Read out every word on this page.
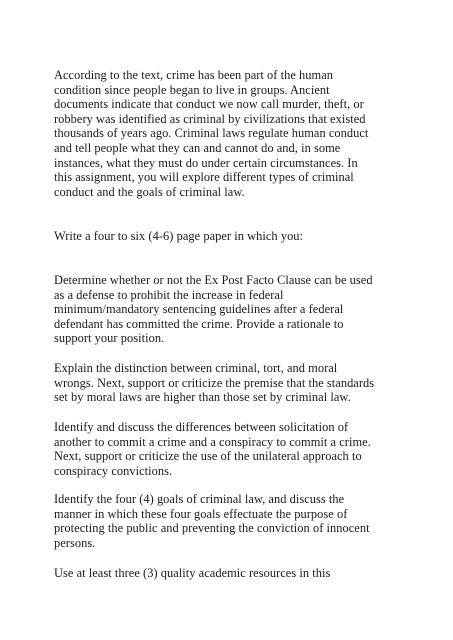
According to the text, crime has been part of the human
condition since people began to live in groups. Ancient
documents indicate that conduct we now call murder, theft, or
robbery was identified as criminal by civilizations that existed
thousands of years ago. Criminal laws regulate human conduct
and tell people what they can and cannot do and, in some
instances, what they must do under certain circumstances. In
this assignment, you will explore different types of criminal
conduct and the goals of criminal law.

Write a four to six (4-6) page paper in which you:

Determine whether or not the Ex Post Facto Clause can be used
as a defense to prohibit the increase in federal
minimum/mandatory sentencing guidelines after a federal
defendant has committed the crime. Provide a rationale to
support your position.

Explain the distinction between criminal, tort, and moral
wrongs. Next, support or criticize the premise that the standards
set by moral laws are higher than those set by criminal law.

Identify and discuss the differences between solicitation of
another to commit a crime and a conspiracy to commit a crime.
Next, support or criticize the use of the unilateral approach to
conspiracy convictions.

Identify the four (4) goals of criminal law, and discuss the
manner in which these four goals effectuate the purpose of
protecting the public and preventing the conviction of innocent
persons.

Use at least three (3) quality academic resources in this
